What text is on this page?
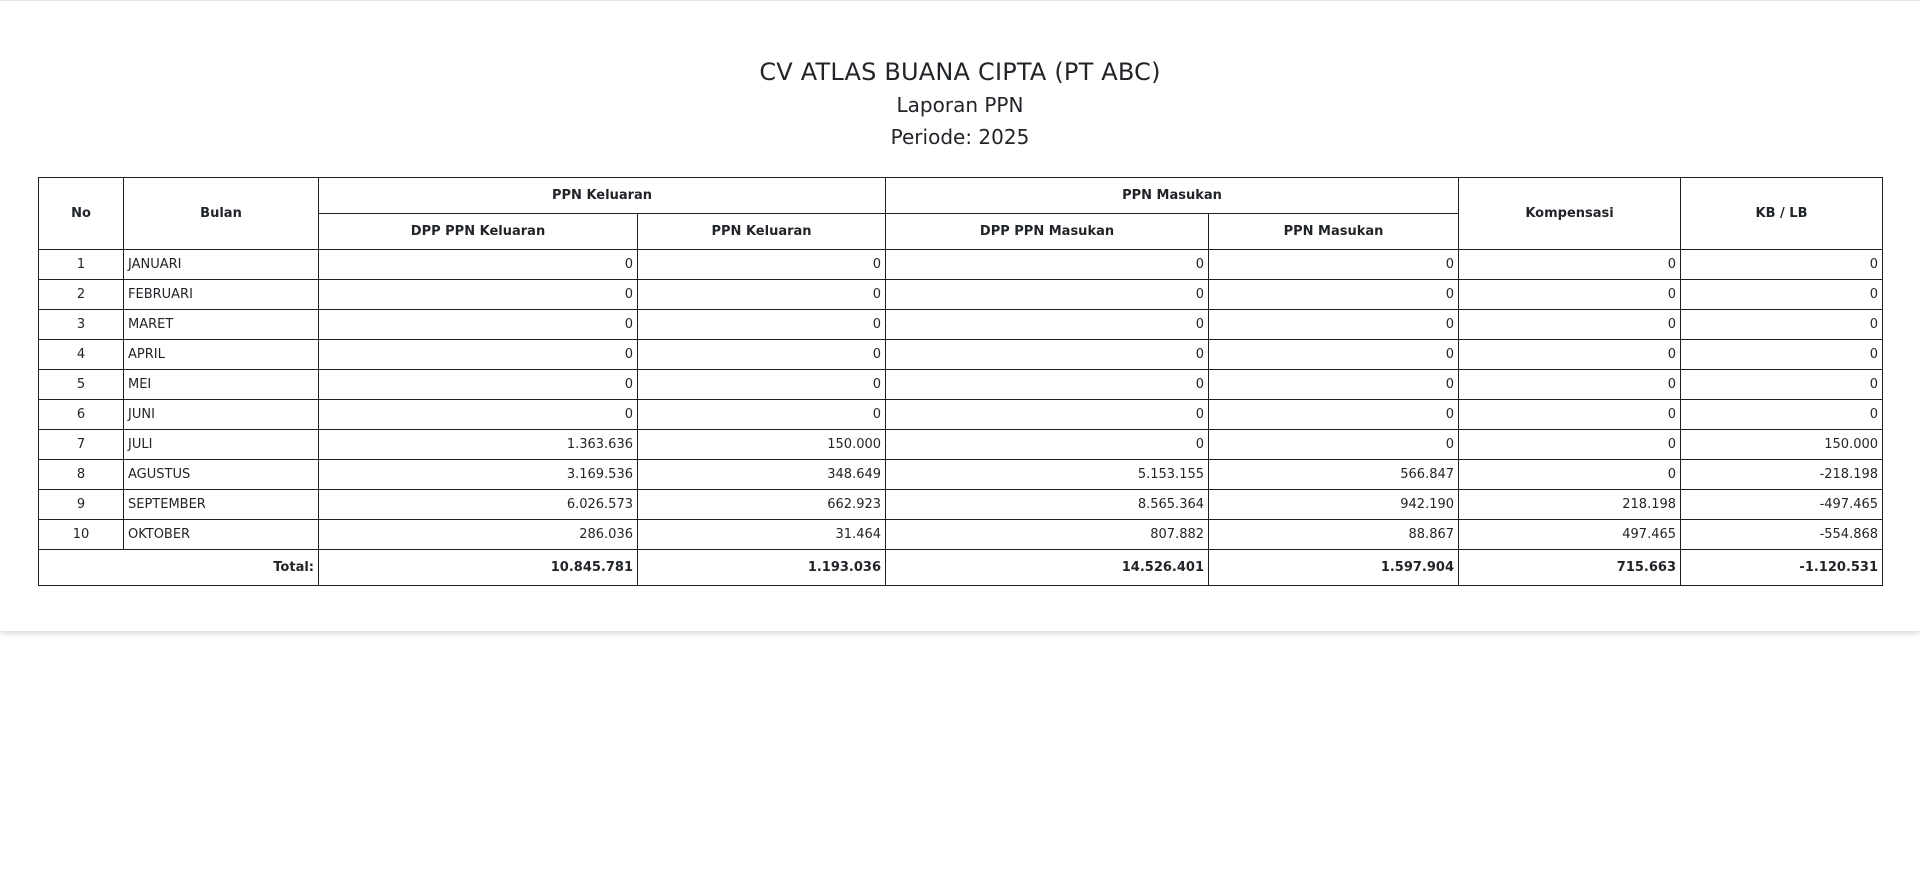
CV ATLAS BUANA CIPTA (PT ABC)
Laporan PPN
Periode: 2025
No	Bulan	PPN Keluaran		PPN Masukan		Kompensasi	KB / LB
		DPP PPN Keluaran	PPN Keluaran	DPP PPN Masukan	PPN Masukan		
1	JANUARI	0	0	0	0	0	0
2	FEBRUARI	0	0	0	0	0	0
3	MARET	0	0	0	0	0	0
4	APRIL	0	0	0	0	0	0
5	MEI	0	0	0	0	0	0
6	JUNI	0	0	0	0	0	0
7	JULI	1.363.636	150.000	0	0	0	150.000
8	AGUSTUS	3.169.536	348.649	5.153.155	566.847	0	-218.198
9	SEPTEMBER	6.026.573	662.923	8.565.364	942.190	218.198	-497.465
10	OKTOBER	286.036	31.464	807.882	88.867	497.465	-554.868
Total:		10.845.781	1.193.036	14.526.401	1.597.904	715.663	-1.120.531
